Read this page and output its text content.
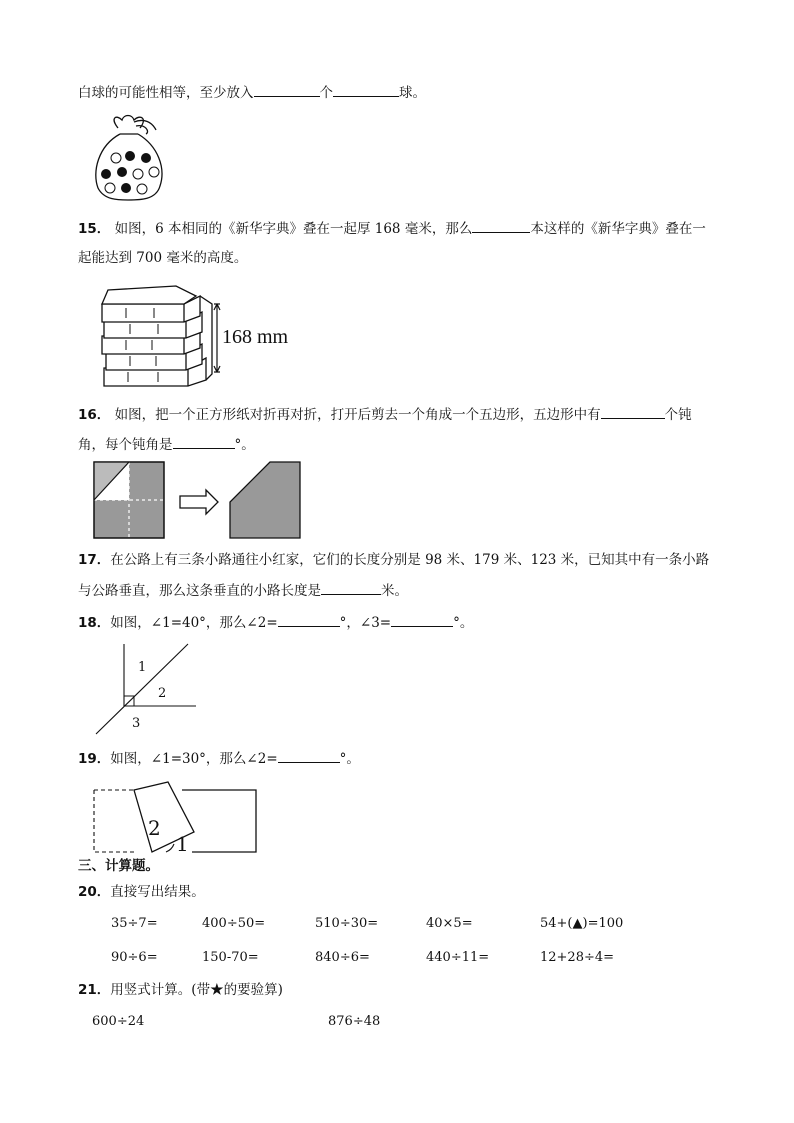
白球的可能性相等，至少放入	个	球。
15． 如图，6 本相同的《新华字典》叠在一起厚 168 毫米，那么	本这样的《新华字典》叠在一
起能达到 700 毫米的高度。
168 mm
16． 如图，把一个正方形纸对折再对折，打开后剪去一个角成一个五边形，五边形中有	个钝
角，每个钝角是	°。
17．在公路上有三条小路通往小红家，它们的长度分别是 98 米、179 米、123 米，已知其中有一条小路
与公路垂直，那么这条垂直的小路长度是	米。
18．如图，∠1=40°，那么∠2=	°，∠3=	°。
1
2
3
19．如图，∠1=30°，那么∠2=	°。
2
1
三、计算题。
20．直接写出结果。
35÷7=	400÷50=	510÷30=	40×5=	54+(▲)=100
90÷6=	150-70=	840÷6=	440÷11=	12+28÷4=
21．用竖式计算。(带★的要验算)
600÷24	876÷48
